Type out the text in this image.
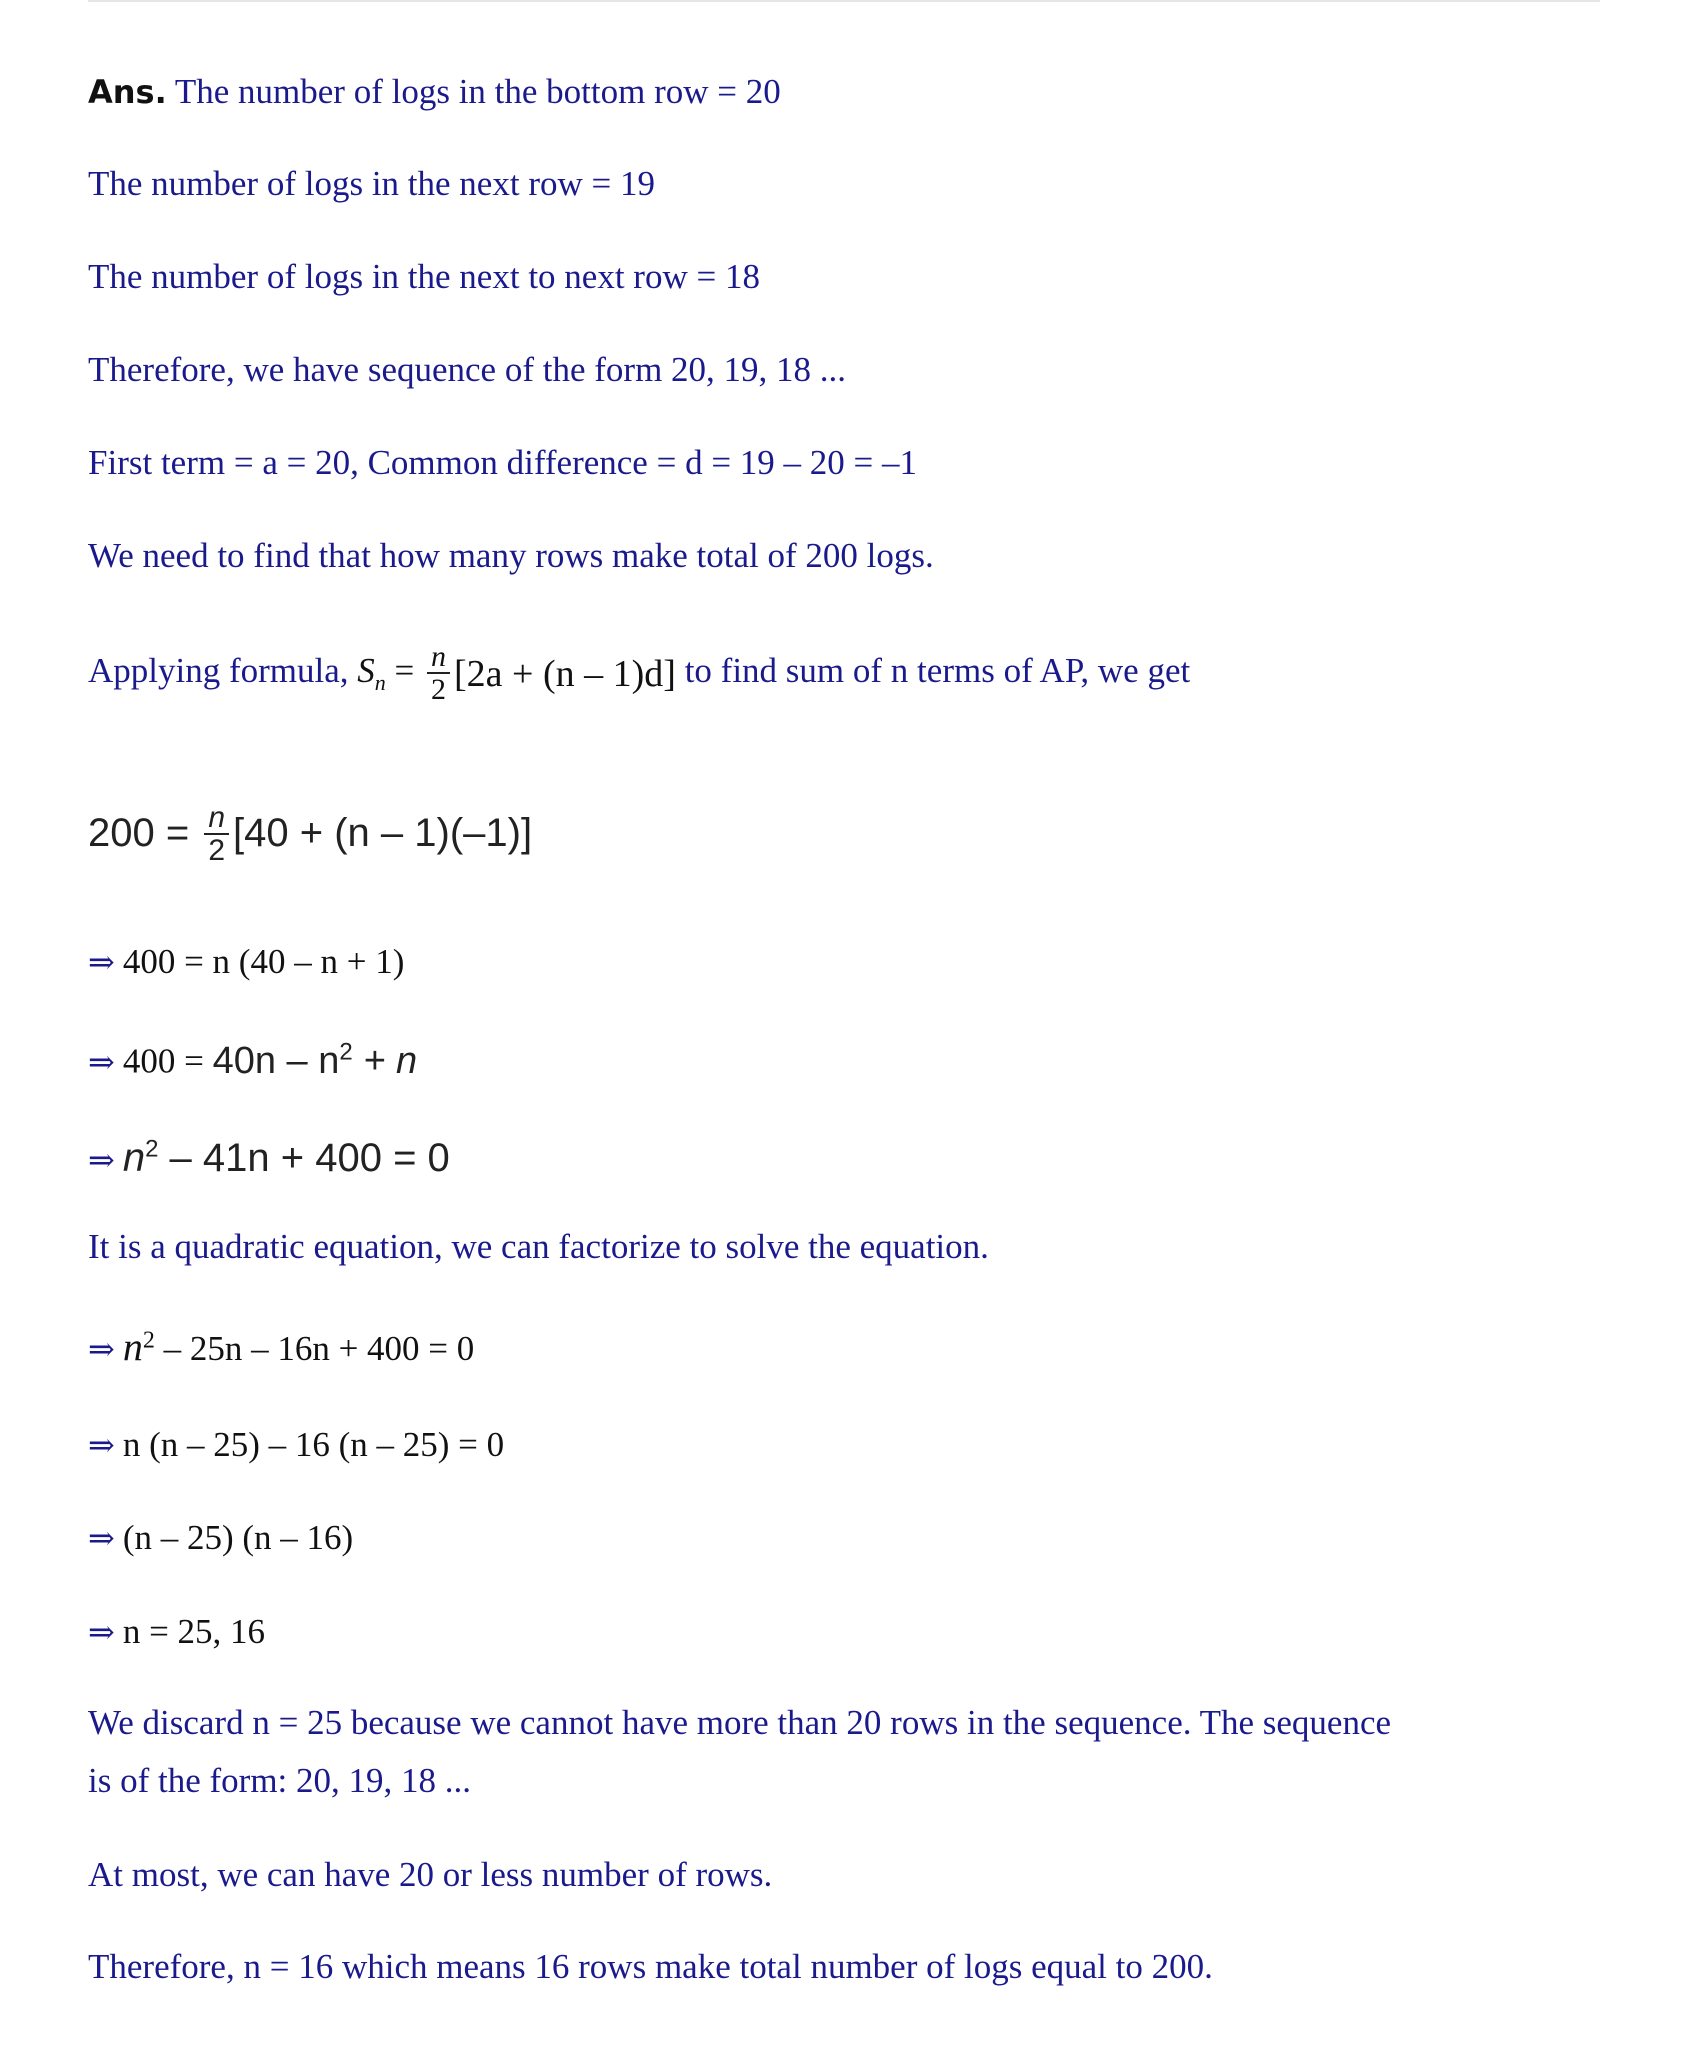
Ans. The number of logs in the bottom row = 20
The number of logs in the next row = 19
The number of logs in the next to next row = 18
Therefore, we have sequence of the form 20, 19, 18 ...
First term = a = 20, Common difference = d = 19 – 20 = –1
We need to find that how many rows make total of 200 logs.
Applying formula, $S_n = \frac{n}{2} [2a + (n - 1)d]$ to find sum of n terms of AP, we get
$200 = \frac{n}{2} [40 + (n - 1)(-1)]$
⇒ 400 = n (40 – n + 1)
⇒ $400 = 40n - n^2 + n$
⇒ $n^2 - 41n + 400 = 0$
It is a quadratic equation, we can factorize to solve the equation.
⇒ $n^2 - 25n - 16n + 400 = 0$
⇒ n (n – 25) – 16 (n – 25) = 0
⇒ (n – 25) (n – 16)
⇒ n = 25, 16
We discard n = 25 because we cannot have more than 20 rows in the sequence. The sequence
is of the form: 20, 19, 18 ...
At most, we can have 20 or less number of rows.
Therefore, n = 16 which means 16 rows make total number of logs equal to 200.
